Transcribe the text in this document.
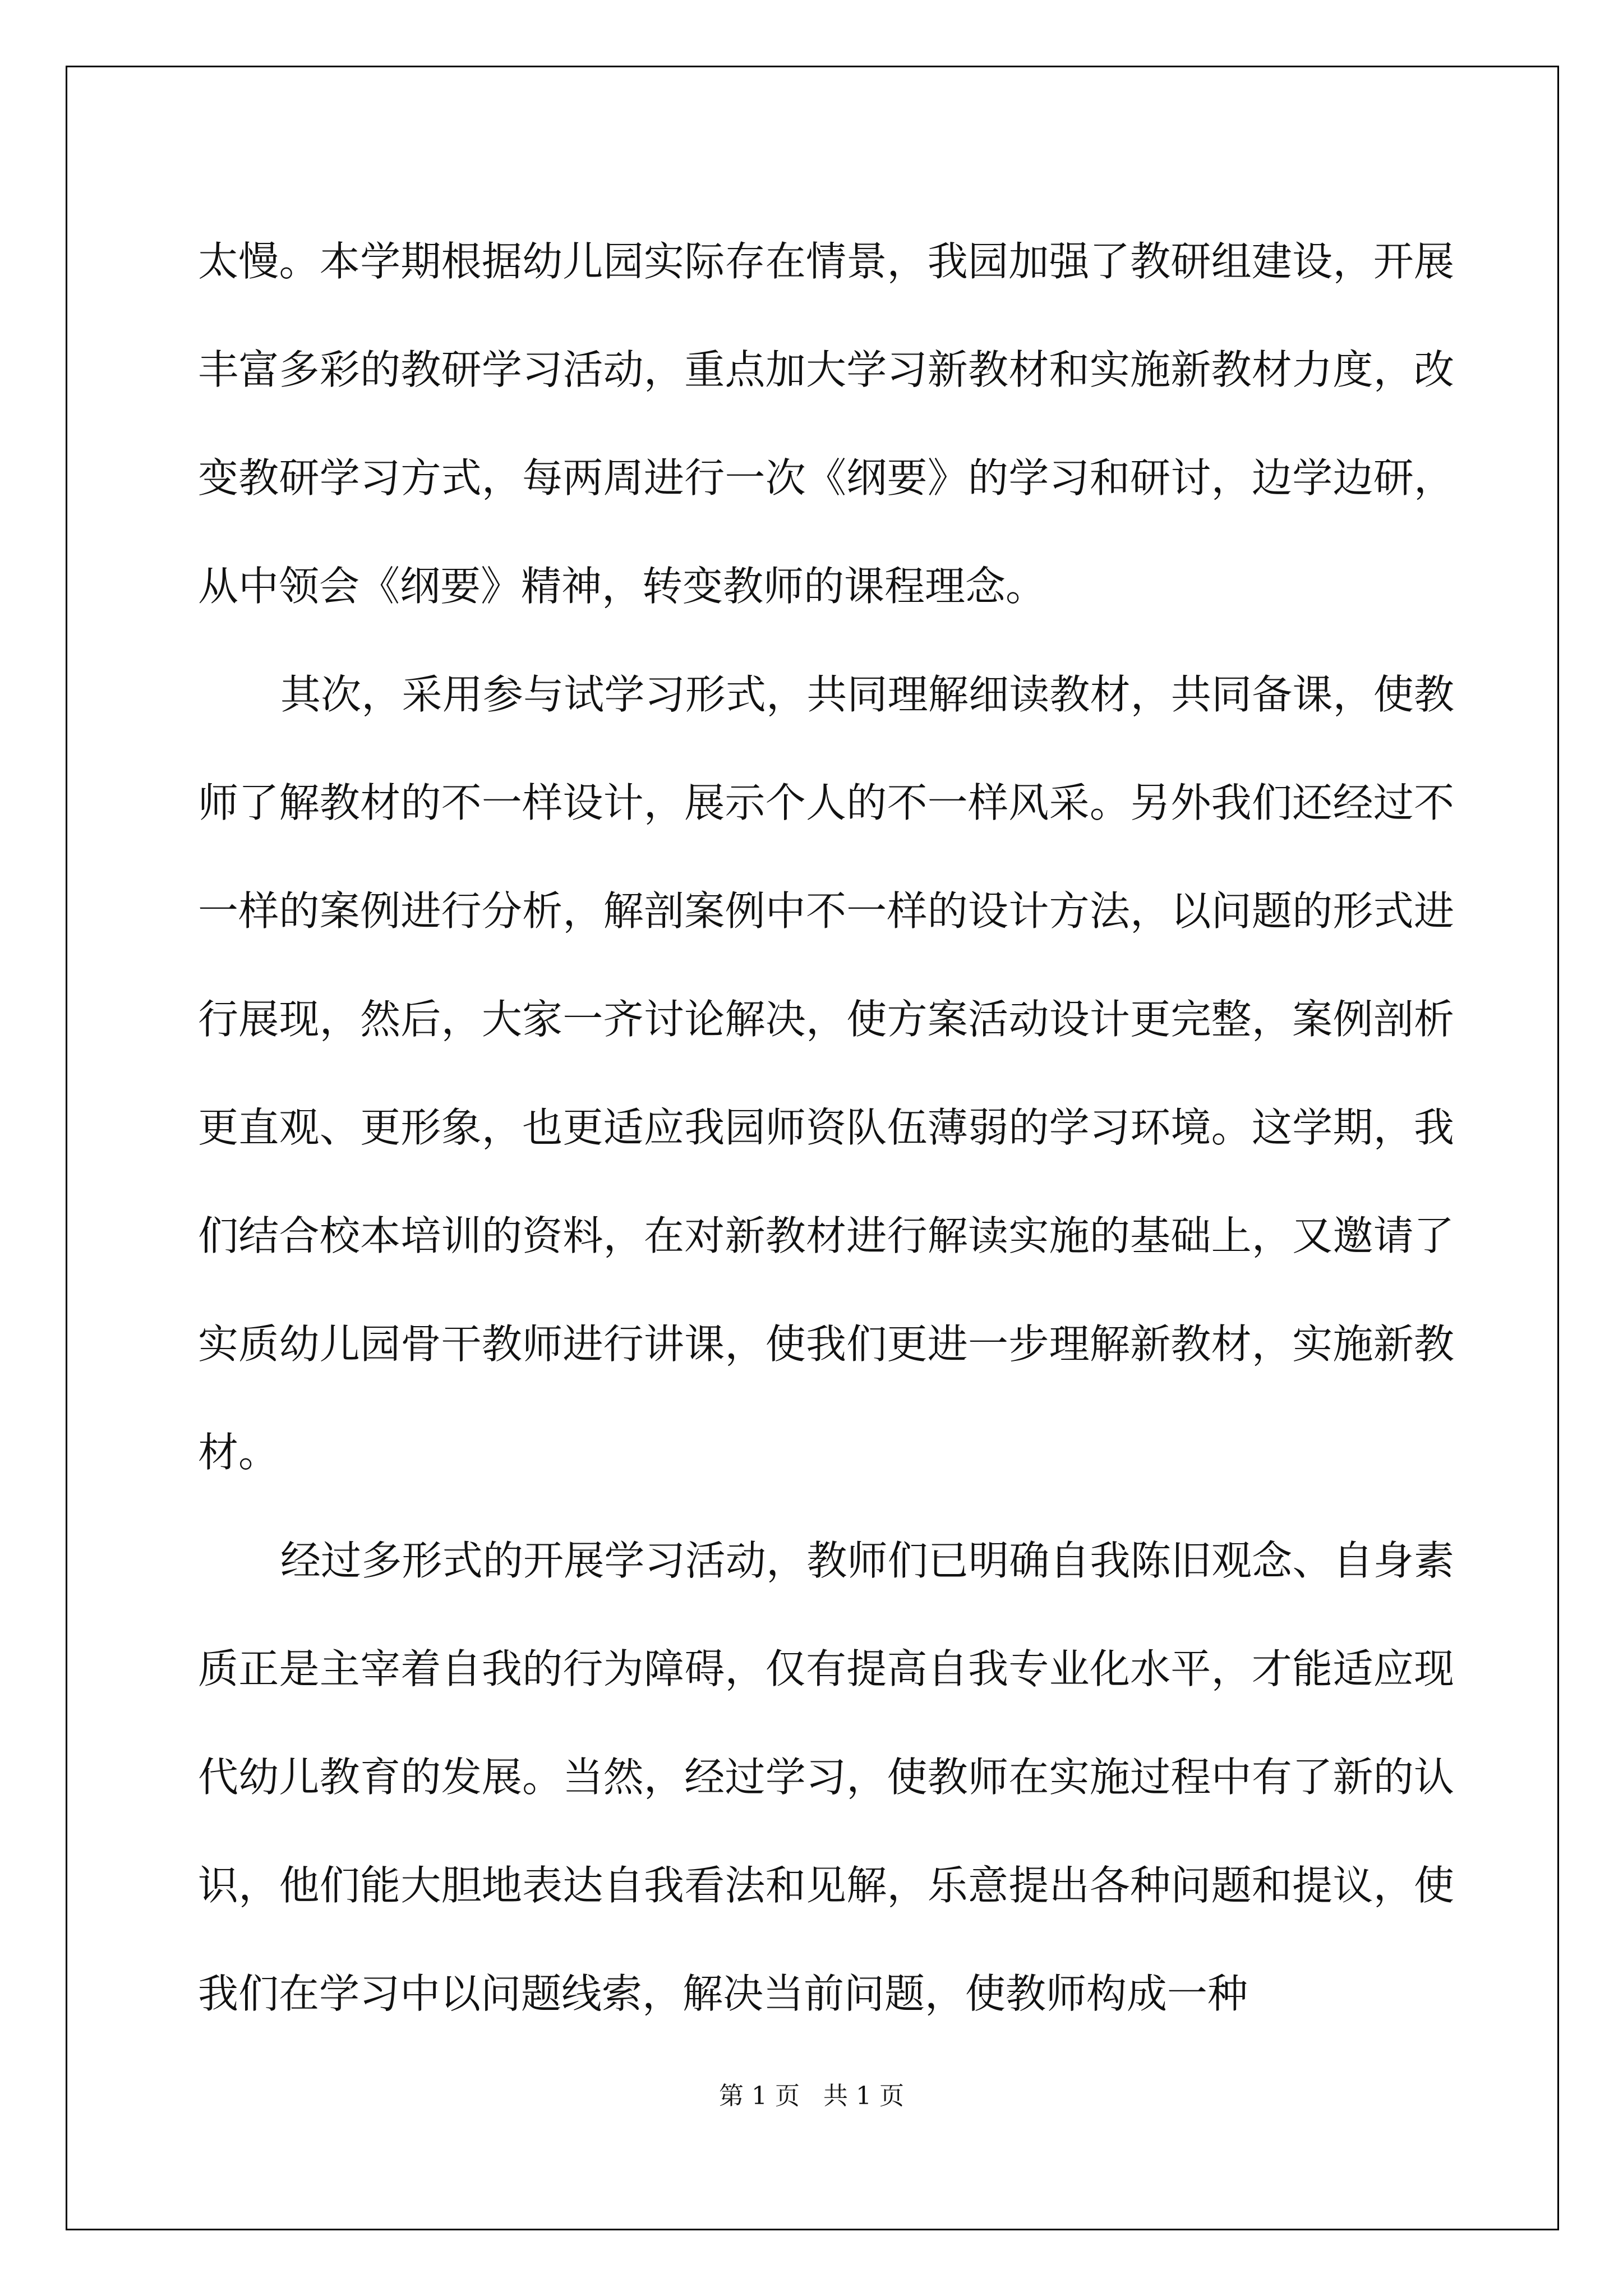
太慢。本学期根据幼儿园实际存在情景，我园加强了教研组建设，开展丰富多彩的教研学习活动，重点加大学习新教材和实施新教材力度，改变教研学习方式，每两周进行一次《纲要》的学习和研讨，边学边研，从中领会《纲要》精神，转变教师的课程理念。

其次，采用参与试学习形式，共同理解细读教材，共同备课，使教师了解教材的不一样设计，展示个人的不一样风采。另外我们还经过不一样的案例进行分析，解剖案例中不一样的设计方法，以问题的形式进行展现，然后，大家一齐讨论解决，使方案活动设计更完整，案例剖析更直观、更形象，也更适应我园师资队伍薄弱的学习环境。这学期，我们结合校本培训的资料，在对新教材进行解读实施的基础上，又邀请了实质幼儿园骨干教师进行讲课，使我们更进一步理解新教材，实施新教材。

经过多形式的开展学习活动，教师们已明确自我陈旧观念、自身素质正是主宰着自我的行为障碍，仅有提高自我专业化水平，才能适应现代幼儿教育的发展。当然，经过学习，使教师在实施过程中有了新的认识，他们能大胆地表达自我看法和见解，乐意提出各种问题和提议，使我们在学习中以问题线索，解决当前问题，使教师构成一种

第 1 页   共 1 页
